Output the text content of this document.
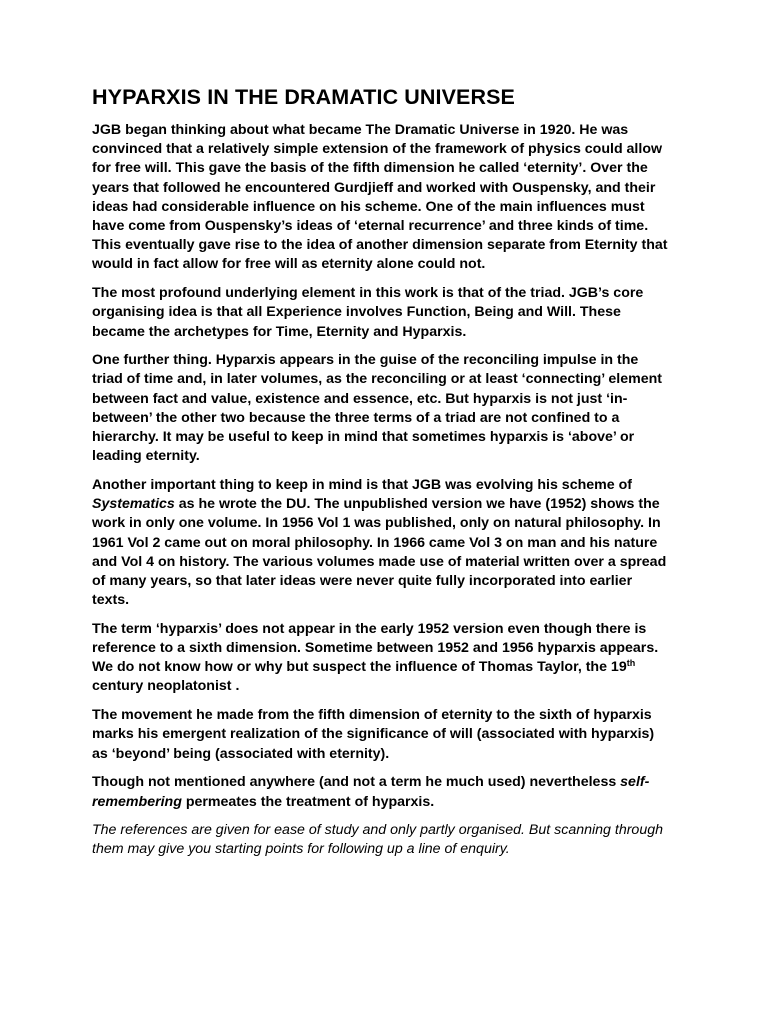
HYPARXIS IN THE DRAMATIC UNIVERSE

JGB began thinking about what became The Dramatic Universe in 1920. He was convinced that a relatively simple extension of the framework of physics could allow for free will. This gave the basis of the fifth dimension he called ‘eternity’. Over the years that followed he encountered Gurdjieff and worked with Ouspensky, and their ideas had considerable influence on his scheme. One of the main influences must have come from Ouspensky’s ideas of ‘eternal recurrence’ and three kinds of time. This eventually gave rise to the idea of another dimension separate from Eternity that would in fact allow for free will as eternity alone could not.

The most profound underlying element in this work is that of the triad. JGB’s core organising idea is that all Experience involves Function, Being and Will. These became the archetypes for Time, Eternity and Hyparxis.

One further thing. Hyparxis appears in the guise of the reconciling impulse in the triad of time and, in later volumes, as the reconciling or at least ‘connecting’ element between fact and value, existence and essence, etc. But hyparxis is not just ‘in-between’ the other two because the three terms of a triad are not confined to a hierarchy. It may be useful to keep in mind that sometimes hyparxis is ‘above’ or leading eternity.

Another important thing to keep in mind is that JGB was evolving his scheme of Systematics as he wrote the DU. The unpublished version we have (1952) shows the work in only one volume. In 1956 Vol 1 was published, only on natural philosophy. In 1961 Vol 2 came out on moral philosophy. In 1966 came Vol 3 on man and his nature and Vol 4 on history. The various volumes made use of material written over a spread of many years, so that later ideas were never quite fully incorporated into earlier texts.

The term ‘hyparxis’ does not appear in the early 1952 version even though there is reference to a sixth dimension. Sometime between 1952 and 1956 hyparxis appears. We do not know how or why but suspect the influence of Thomas Taylor, the 19th century neoplatonist .

The movement he made from the fifth dimension of eternity to the sixth of hyparxis marks his emergent realization of the significance of will (associated with hyparxis) as ‘beyond’ being (associated with eternity).

Though not mentioned anywhere (and not a term he much used) nevertheless self-remembering permeates the treatment of hyparxis.

The references are given for ease of study and only partly organised. But scanning through them may give you starting points for following up a line of enquiry.
